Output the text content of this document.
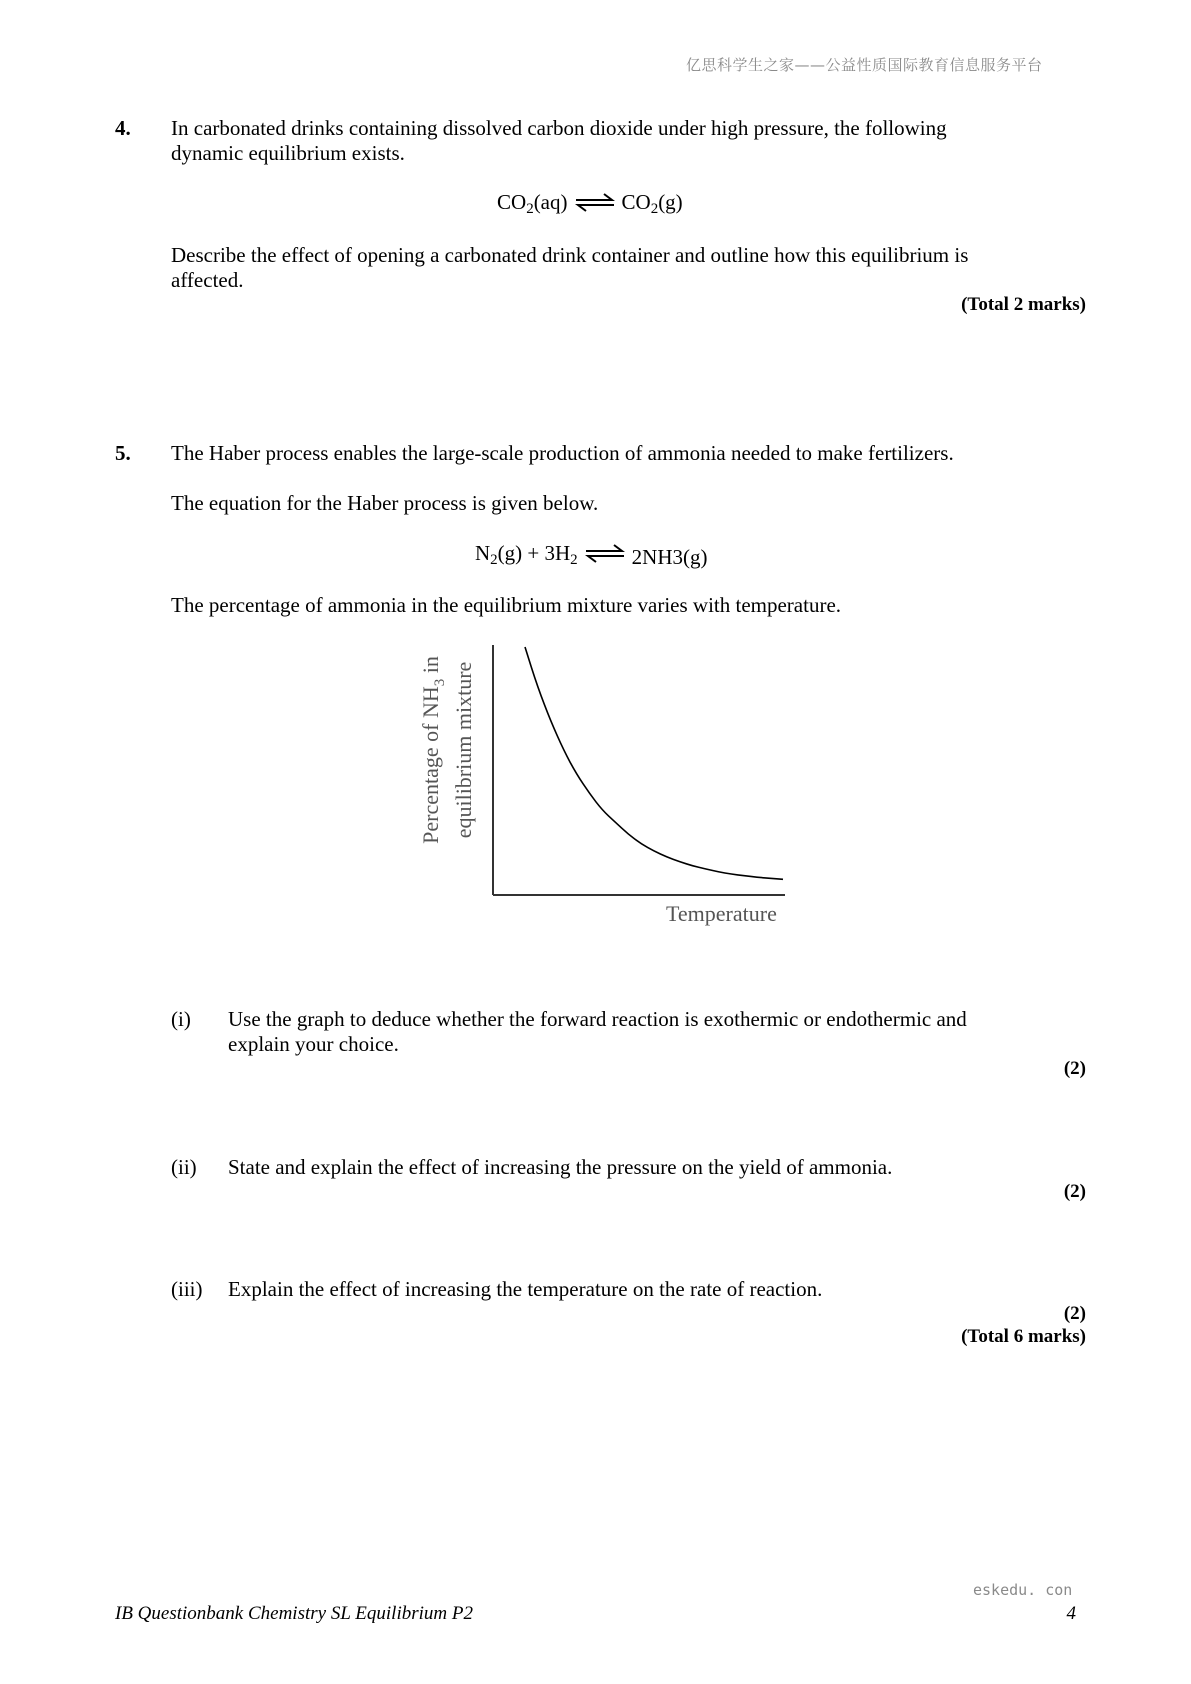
亿思科学生之家——公益性质国际教育信息服务平台
4. In carbonated drinks containing dissolved carbon dioxide under high pressure, the following
dynamic equilibrium exists.
$CO_2(aq)$ ⇌ $CO_2(g)$
Describe the effect of opening a carbonated drink container and outline how this equilibrium is
affected.
(Total 2 marks)
5. The Haber process enables the large-scale production of ammonia needed to make fertilizers.
The equation for the Haber process is given below.
$N_2(g) + 3H_2$ ⇌ 2NH3(g)
The percentage of ammonia in the equilibrium mixture varies with temperature.
Percentage of $NH_3$ in equilibrium mixture
Temperature
(i) Use the graph to deduce whether the forward reaction is exothermic or endothermic and
explain your choice.
(2)
(ii) State and explain the effect of increasing the pressure on the yield of ammonia.
(2)
(iii) Explain the effect of increasing the temperature on the rate of reaction.
(2)
(Total 6 marks)
eskedu. con
IB Questionbank Chemistry SL Equilibrium P2	4
